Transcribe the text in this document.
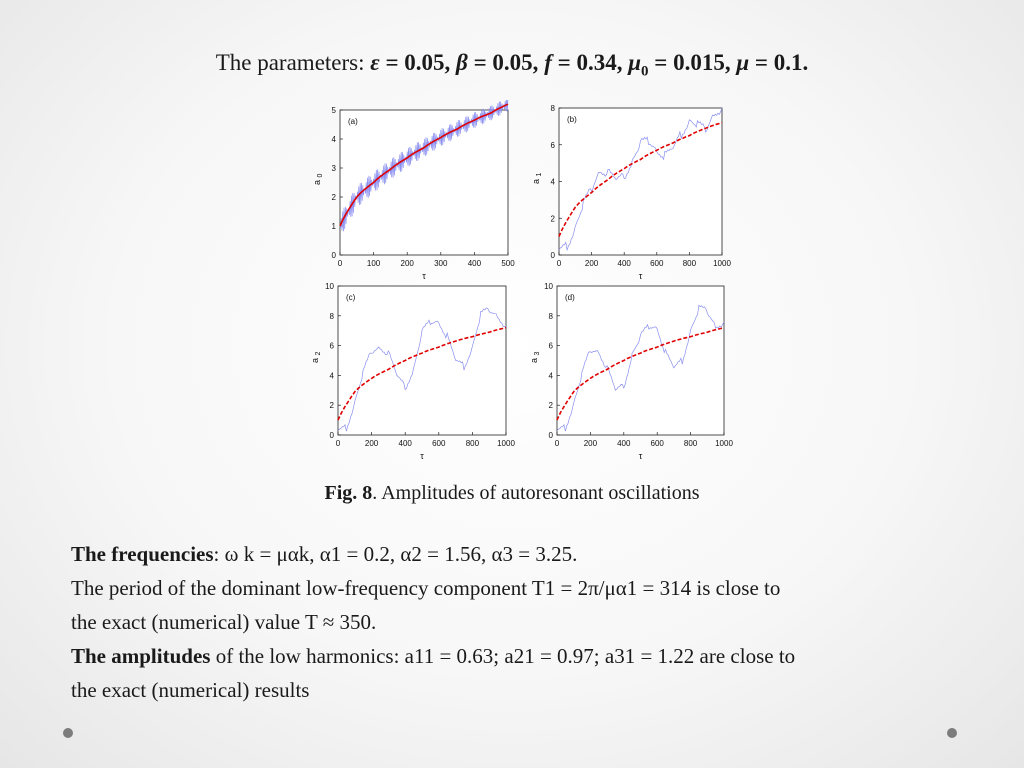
The parameters: ε = 0.05, β = 0.05, f = 0.34, $\mu_0 = 0.015$, μ = 0.1.
0	100	200	300	400	500
0
1
2
3
4
5
τ
a
0
(a)
0	200 400 600 800 1000
0
2
4
6
8
τ
a
1
(b)
0	200	400	600	800 1000
0
2
4
6
8
10
τ
a
2
(c)
0	200	400	600	800 1000
0
2
4
6
8
10
τ
a
3
(d)
Fig. 8. Amplitudes of autoresonant oscillations
The frequencies: ω k = μαk, α1 = 0.2, α2 = 1.56, α3 = 3.25.
The period of the dominant low-frequency component T1 = 2π/μα1 = 314 is close to
the exact (numerical) value T ≈ 350.
The amplitudes of the low harmonics: a11 = 0.63; a21 = 0.97; a31 = 1.22 are close to
the exact (numerical) results
